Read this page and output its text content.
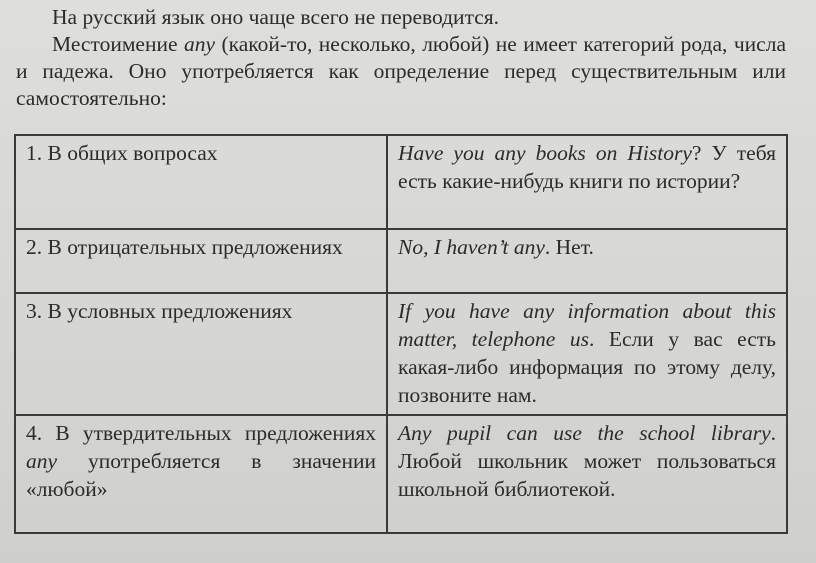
На русский язык оно чаще всего не переводится.

Местоимение any (какой-то, несколько, любой) не имеет категорий рода, числа и падежа. Оно употребляется как определение перед существительным или самостоятельно:

1. В общих вопросах	Have you any books on History? У тебя есть какие-нибудь книги по истории?
2. В отрицательных предложениях	No, I haven’t any. Нет.
3. В условных предложениях	If you have any information about this matter, telephone us. Если у вас есть какая-либо информация по этому делу, позвоните нам.
4. В утвердительных предложениях any употребляется в значении «любой»	Any pupil can use the school library. Любой школьник может пользоваться школьной библиотекой.
